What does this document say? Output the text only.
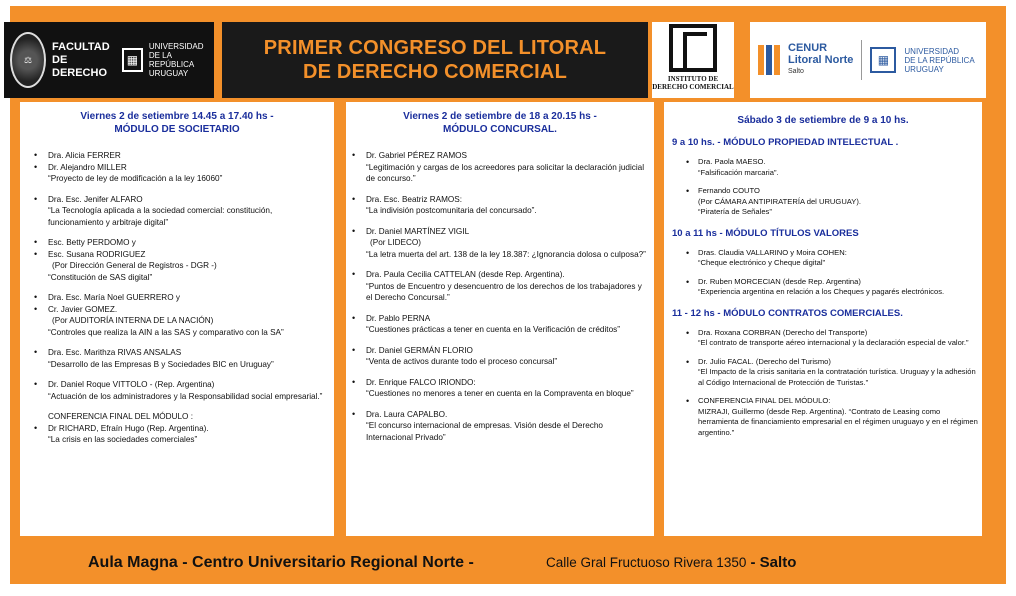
⚖
FACULTAD DE
DERECHO
▦
UNIVERSIDAD
DE LA REPÚBLICA
URUGUAY
PRIMER CONGRESO DEL LITORAL
DE DERECHO COMERCIAL	INSTITUTO DE
DERECHO COMERCIAL
CENUR
Litoral Norte
Salto
▦
UNIVERSIDAD
DE LA REPÚBLICA
URUGUAY
Viernes 2 de setiembre 14.45 a 17.40 hs -
MÓDULO DE SOCIETARIO
• Dra. Alicia FERRER
• Dr. Alejandro MILLER
“Proyecto de ley de modificación a la ley 16060”
• Dra. Esc. Jenifer ALFARO
“La Tecnología aplicada a la sociedad comercial: constitución, funcionamiento y arbitraje digital”
• Esc. Betty PERDOMO y
• Esc. Susana RODRIGUEZ
(Por Dirección General de Registros - DGR -)
“Constitución de SAS digital”
• Dra. Esc. María Noel GUERRERO y
• Cr. Javier GOMEZ.
(Por AUDITORÍA INTERNA DE LA NACIÓN)
“Controles que realiza la AIN a las SAS y comparativo con la SA”
• Dra. Esc. Marithza RIVAS ANSALAS
“Desarrollo de las Empresas B y Sociedades BIC en Uruguay”
• Dr. Daniel Roque VITTOLO - (Rep. Argentina)
“Actuación de los administradores y la Responsabilidad social empresarial.”
CONFERENCIA FINAL DEL MÓDULO :
• Dr RICHARD, Efraín Hugo (Rep. Argentina).
“La crisis en las sociedades comerciales”
Viernes 2 de setiembre de 18 a 20.15 hs -
MÓDULO CONCURSAL.
• Dr. Gabriel PÉREZ RAMOS
“Legitimación y cargas de los acreedores para solicitar la declaración judicial de concurso.”
• Dra. Esc. Beatriz RAMOS:
“La indivisión postcomunitaria del concursado”.
• Dr. Daniel MARTÍNEZ VIGIL
(Por LIDECO)
“La letra muerta del art. 138 de la ley 18.387: ¿Ignorancia dolosa o culposa?”
• Dra. Paula Cecilia CATTELAN (desde Rep. Argentina).
“Puntos de Encuentro y desencuentro de los derechos de los trabajadores y el Derecho Concursal.”
• Dr. Pablo PERNA
“Cuestiones prácticas a tener en cuenta en la Verificación de créditos”
• Dr. Daniel GERMÁN FLORIO
“Venta de activos durante todo el proceso concursal”
• Dr. Enrique FALCO IRIONDO:
“Cuestiones no menores a tener en cuenta en la Compraventa en bloque”
• Dra. Laura CAPALBO.
“El concurso internacional de empresas. Visión desde el Derecho Internacional Privado”
Sábado 3 de setiembre de 9 a 10 hs.
9 a 10 hs. - MÓDULO PROPIEDAD INTELECTUAL .
• Dra. Paola MAESO.
“Falsificación marcaria”.
• Fernando COUTO
(Por CÁMARA ANTIPIRATERÍA del URUGUAY).
“Piratería de Señales”
10 a 11 hs - MÓDULO TÍTULOS VALORES
• Dras. Claudia VALLARINO y Moira COHEN:
“Cheque electrónico y Cheque digital”
• Dr. Ruben MORCECIAN (desde Rep. Argentina)
“Experiencia argentina en relación a los Cheques y pagarés electrónicos.
11 - 12 hs - MÓDULO CONTRATOS COMERCIALES.
• Dra. Roxana CORBRAN (Derecho del Transporte)
“El contrato de transporte aéreo internacional y la declaración especial de valor.”
• Dr. Julio FACAL. (Derecho del Turismo)
“El Impacto de la crisis sanitaria en la contratación turística. Uruguay y la adhesión al Código Internacional de Protección de Turistas.”
• CONFERENCIA FINAL DEL MÓDULO:
MIZRAJI, Guillermo (desde Rep. Argentina). “Contrato de Leasing como herramienta de financiamiento empresarial en el régimen uruguayo y en el régimen argentino.”
Aula Magna - Centro Universitario Regional Norte -	Calle Gral Fructuoso Rivera 1350 - Salto
